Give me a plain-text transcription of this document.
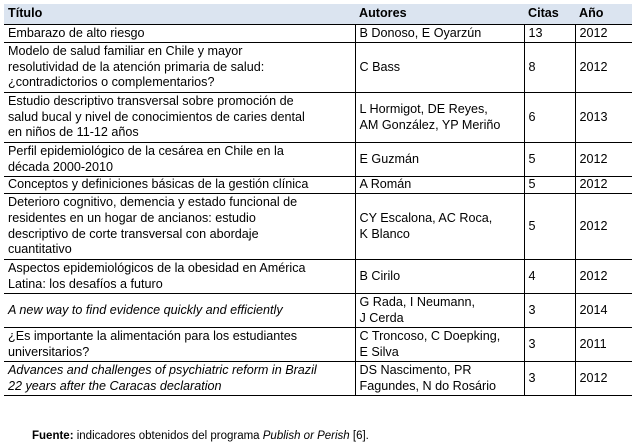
Título	Autores	Citas	Año

Embarazo de alto riesgo	B Donoso, E Oyarzún	13	2012

Modelo de salud familiar en Chile y mayor
resolutividad de la atención primaria de salud:
¿contradictorios o complementarios?	C Bass	8	2012

Estudio descriptivo transversal sobre promoción de
salud bucal y nivel de conocimientos de caries dental
en niños de 11-12 años	L Hormigot, DE Reyes,
AM González, YP Meriño	6	2013

Perfil epidemiológico de la cesárea en Chile en la
década 2000-2010	E Guzmán	5	2012

Conceptos y definiciones básicas de la gestión clínica	A Román	5	2012

Deterioro cognitivo, demencia y estado funcional de
residentes en un hogar de ancianos: estudio
descriptivo de corte transversal con abordaje
cuantitativo	CY Escalona, AC Roca,
K Blanco	5	2012

Aspectos epidemiológicos de la obesidad en América
Latina: los desafíos a futuro	B Cirilo	4	2012

A new way to find evidence quickly and efficiently	G Rada, I Neumann,
J Cerda	3	2014

¿Es importante la alimentación para los estudiantes
universitarios?	C Troncoso, C Doepking,
E Silva	3	2011

Advances and challenges of psychiatric reform in Brazil
22 years after the Caracas declaration	DS Nascimento, PR
Fagundes, N do Rosário	3	2012
Fuente: indicadores obtenidos del programa Publish or Perish [6].
